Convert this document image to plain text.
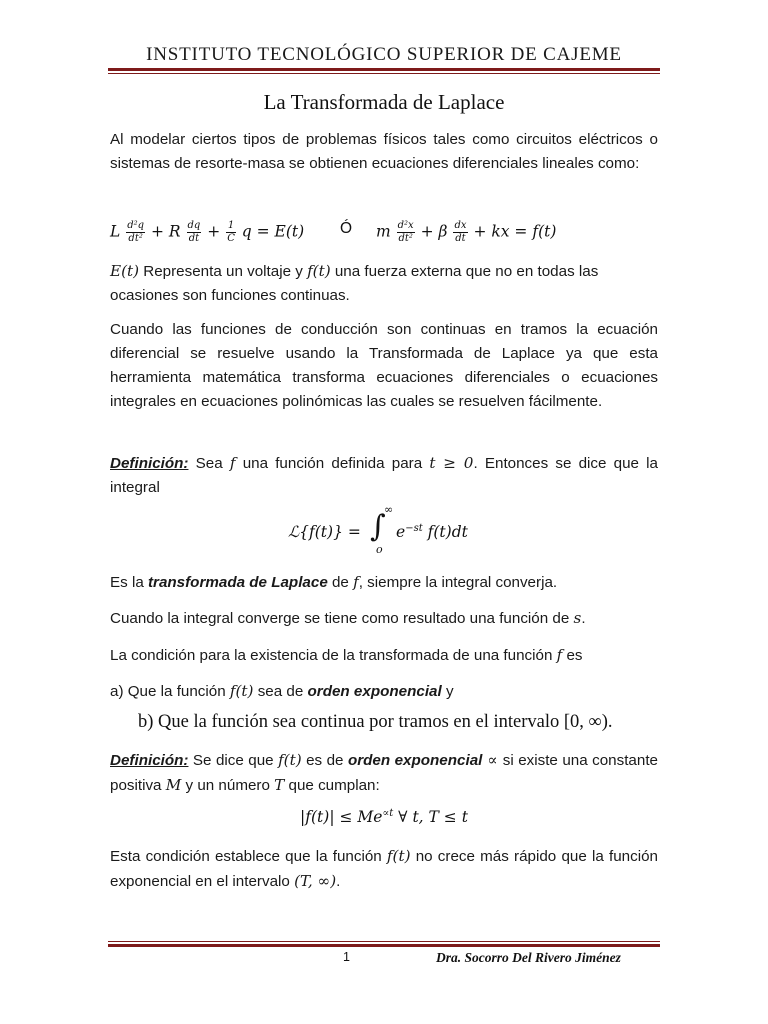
INSTITUTO TECNOLÓGICO SUPERIOR DE CAJEME
La Transformada de Laplace
Al modelar ciertos tipos de problemas físicos tales como circuitos eléctricos o sistemas de resorte-masa se obtienen ecuaciones diferenciales lineales como:
L $\frac{\text{d²q}}{\text{dt²}} + R \frac{dq}{dt} + \frac{1}{C}$ q = E(t) Ó m $\frac{\text{d²x}}{\text{dt²}} + \beta \frac{dx}{dt}$ + kx = f(t)
E(t) Representa un voltaje y f(t) una fuerza externa que no en todas las ocasiones son funciones continuas.
Cuando las funciones de conducción son continuas en tramos la ecuación diferencial se resuelve usando la Transformada de Laplace ya que esta herramienta matemática transforma ecuaciones diferenciales o ecuaciones integrales en ecuaciones polinómicas las cuales se resuelven fácilmente.
Definición: Sea f una función definida para t ≥ 0. Entonces se dice que la integral
ℒ{f(t)} = ∫
∞
o
$e^{-st}$ f(t)dt
Es la transformada de Laplace de f, siempre la integral converja.
Cuando la integral converge se tiene como resultado una función de s.
La condición para la existencia de la transformada de una función f es
a) Que la función f(t) sea de orden exponencial y
b) Que la función sea continua por tramos en el intervalo [0, ∞).
Definición: Se dice que f(t) es de orden exponencial ∝ si existe una constante positiva M y un número T que cumplan:
$|f(t)| \le Me^{\propto t}$ ∀ t, T ≤ t
Esta condición establece que la función f(t) no crece más rápido que la función exponencial en el intervalo (T, ∞).
1	Dra. Socorro Del Rivero Jiménez
